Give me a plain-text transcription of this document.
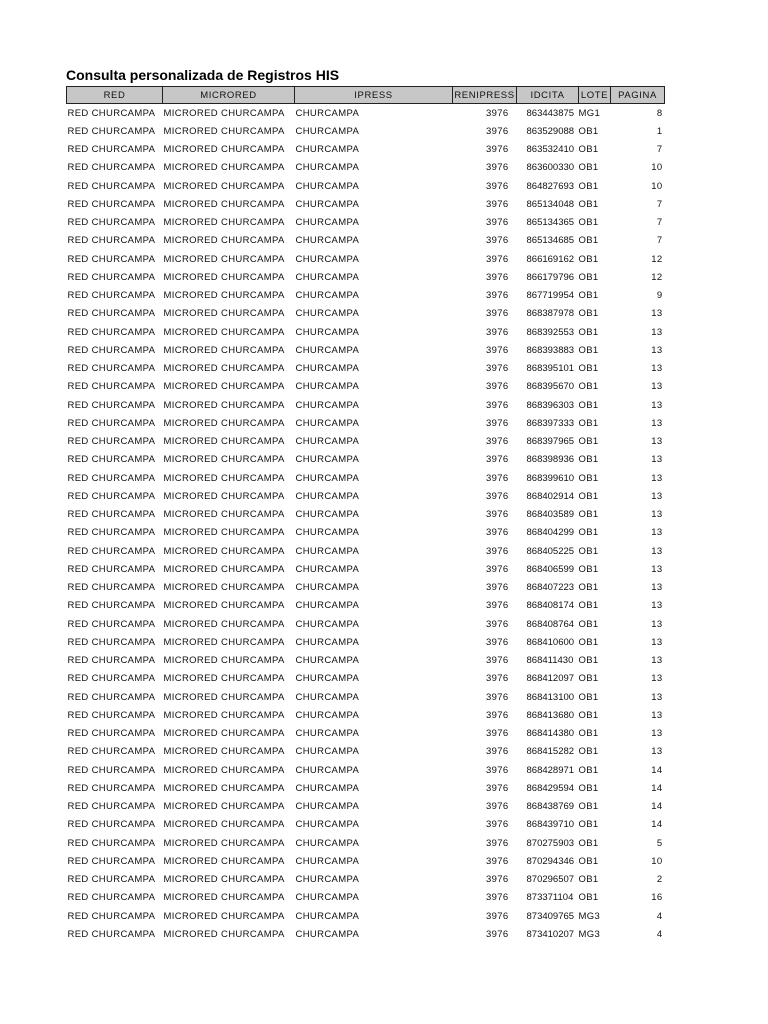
Consulta personalizada de Registros HIS
RED	MICRORED	IPRESS	RENIPRESS	IDCITA	LOTE	PAGINA
RED CHURCAMPA	MICRORED CHURCAMPA	CHURCAMPA	3976	863443875	MG1	8
RED CHURCAMPA	MICRORED CHURCAMPA	CHURCAMPA	3976	863529088	OB1	1
RED CHURCAMPA	MICRORED CHURCAMPA	CHURCAMPA	3976	863532410	OB1	7
RED CHURCAMPA	MICRORED CHURCAMPA	CHURCAMPA	3976	863600330	OB1	10
RED CHURCAMPA	MICRORED CHURCAMPA	CHURCAMPA	3976	864827693	OB1	10
RED CHURCAMPA	MICRORED CHURCAMPA	CHURCAMPA	3976	865134048	OB1	7
RED CHURCAMPA	MICRORED CHURCAMPA	CHURCAMPA	3976	865134365	OB1	7
RED CHURCAMPA	MICRORED CHURCAMPA	CHURCAMPA	3976	865134685	OB1	7
RED CHURCAMPA	MICRORED CHURCAMPA	CHURCAMPA	3976	866169162	OB1	12
RED CHURCAMPA	MICRORED CHURCAMPA	CHURCAMPA	3976	866179796	OB1	12
RED CHURCAMPA	MICRORED CHURCAMPA	CHURCAMPA	3976	867719954	OB1	9
RED CHURCAMPA	MICRORED CHURCAMPA	CHURCAMPA	3976	868387978	OB1	13
RED CHURCAMPA	MICRORED CHURCAMPA	CHURCAMPA	3976	868392553	OB1	13
RED CHURCAMPA	MICRORED CHURCAMPA	CHURCAMPA	3976	868393883	OB1	13
RED CHURCAMPA	MICRORED CHURCAMPA	CHURCAMPA	3976	868395101	OB1	13
RED CHURCAMPA	MICRORED CHURCAMPA	CHURCAMPA	3976	868395670	OB1	13
RED CHURCAMPA	MICRORED CHURCAMPA	CHURCAMPA	3976	868396303	OB1	13
RED CHURCAMPA	MICRORED CHURCAMPA	CHURCAMPA	3976	868397333	OB1	13
RED CHURCAMPA	MICRORED CHURCAMPA	CHURCAMPA	3976	868397965	OB1	13
RED CHURCAMPA	MICRORED CHURCAMPA	CHURCAMPA	3976	868398936	OB1	13
RED CHURCAMPA	MICRORED CHURCAMPA	CHURCAMPA	3976	868399610	OB1	13
RED CHURCAMPA	MICRORED CHURCAMPA	CHURCAMPA	3976	868402914	OB1	13
RED CHURCAMPA	MICRORED CHURCAMPA	CHURCAMPA	3976	868403589	OB1	13
RED CHURCAMPA	MICRORED CHURCAMPA	CHURCAMPA	3976	868404299	OB1	13
RED CHURCAMPA	MICRORED CHURCAMPA	CHURCAMPA	3976	868405225	OB1	13
RED CHURCAMPA	MICRORED CHURCAMPA	CHURCAMPA	3976	868406599	OB1	13
RED CHURCAMPA	MICRORED CHURCAMPA	CHURCAMPA	3976	868407223	OB1	13
RED CHURCAMPA	MICRORED CHURCAMPA	CHURCAMPA	3976	868408174	OB1	13
RED CHURCAMPA	MICRORED CHURCAMPA	CHURCAMPA	3976	868408764	OB1	13
RED CHURCAMPA	MICRORED CHURCAMPA	CHURCAMPA	3976	868410600	OB1	13
RED CHURCAMPA	MICRORED CHURCAMPA	CHURCAMPA	3976	868411430	OB1	13
RED CHURCAMPA	MICRORED CHURCAMPA	CHURCAMPA	3976	868412097	OB1	13
RED CHURCAMPA	MICRORED CHURCAMPA	CHURCAMPA	3976	868413100	OB1	13
RED CHURCAMPA	MICRORED CHURCAMPA	CHURCAMPA	3976	868413680	OB1	13
RED CHURCAMPA	MICRORED CHURCAMPA	CHURCAMPA	3976	868414380	OB1	13
RED CHURCAMPA	MICRORED CHURCAMPA	CHURCAMPA	3976	868415282	OB1	13
RED CHURCAMPA	MICRORED CHURCAMPA	CHURCAMPA	3976	868428971	OB1	14
RED CHURCAMPA	MICRORED CHURCAMPA	CHURCAMPA	3976	868429594	OB1	14
RED CHURCAMPA	MICRORED CHURCAMPA	CHURCAMPA	3976	868438769	OB1	14
RED CHURCAMPA	MICRORED CHURCAMPA	CHURCAMPA	3976	868439710	OB1	14
RED CHURCAMPA	MICRORED CHURCAMPA	CHURCAMPA	3976	870275903	OB1	5
RED CHURCAMPA	MICRORED CHURCAMPA	CHURCAMPA	3976	870294346	OB1	10
RED CHURCAMPA	MICRORED CHURCAMPA	CHURCAMPA	3976	870296507	OB1	2
RED CHURCAMPA	MICRORED CHURCAMPA	CHURCAMPA	3976	873371104	OB1	16
RED CHURCAMPA	MICRORED CHURCAMPA	CHURCAMPA	3976	873409765	MG3	4
RED CHURCAMPA	MICRORED CHURCAMPA	CHURCAMPA	3976	873410207	MG3	4
